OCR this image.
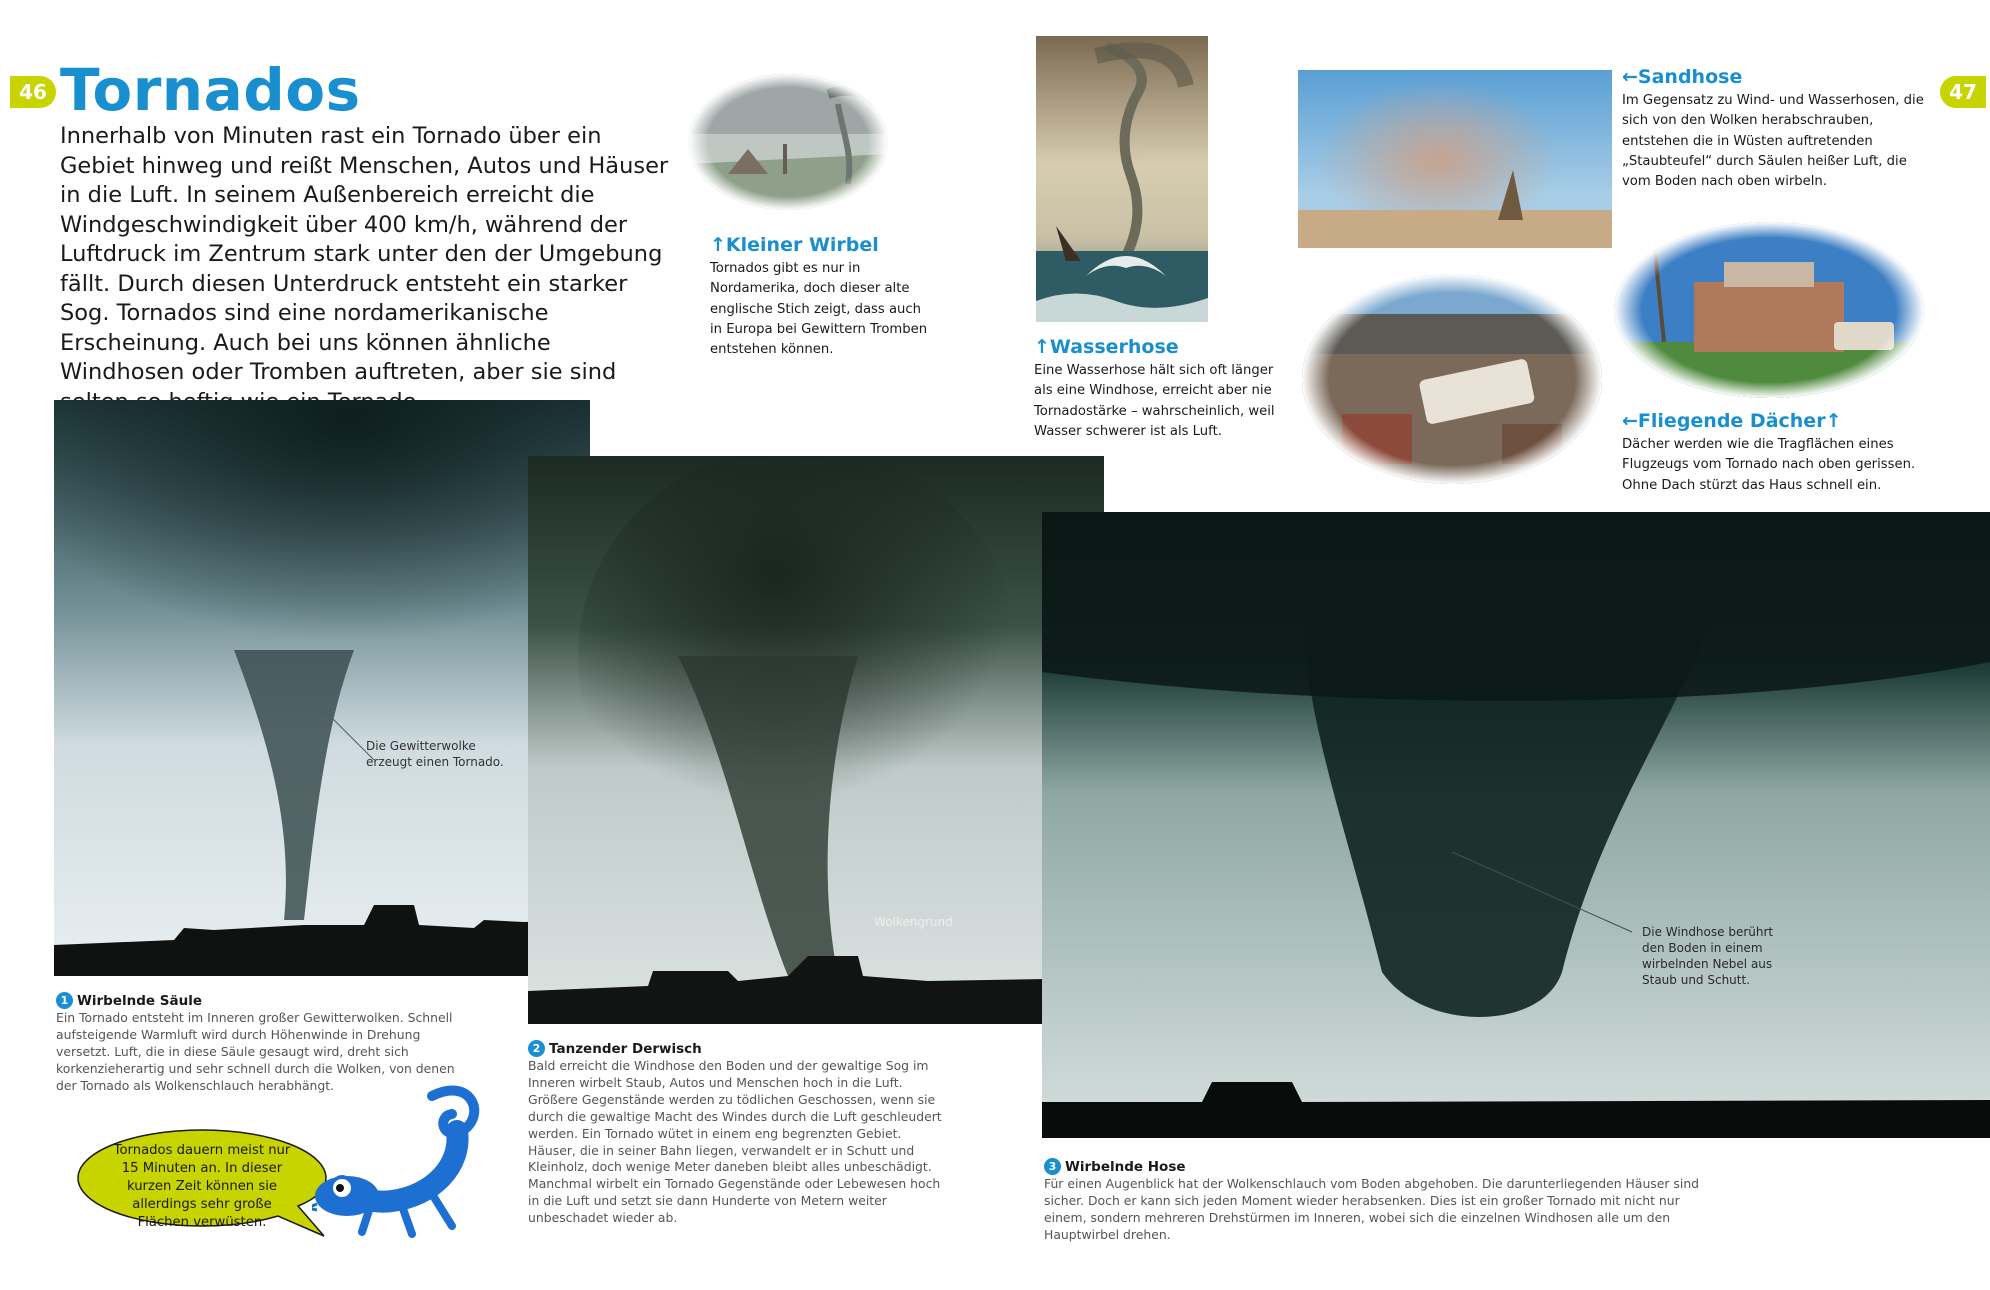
46	47
Tornados

Innerhalb von Minuten rast ein Tornado über ein Gebiet hinweg und reißt Menschen, Autos und Häuser in die Luft. In seinem Außenbereich erreicht die Windgeschwindigkeit über 400 km/h, während der Luftdruck im Zentrum stark unter den der Umgebung fällt. Durch diesen Unterdruck entsteht ein starker Sog. Tornados sind eine nordamerikanische Erscheinung. Auch bei uns können ähnliche Windhosen oder Tromben auftreten, aber sie sind

↑Kleiner Wirbel

Tornados gibt es nur in Nordamerika, doch dieser alte englische Stich zeigt, dass auch in Europa bei Gewittern Tromben entstehen können.	↑Wasserhose

Eine Wasserhose hält sich oft länger als eine Windhose, erreicht aber nie Tornadostärke – wahrscheinlich, weil Wasser schwerer ist als Luft.

←Sandhose

Im Gegensatz zu Wind- und Wasserhosen, die sich von den Wolken herabschrauben, entstehen die in Wüsten auftretenden „Staubteufel“ durch Säulen heißer Luft, die vom Boden nach oben wirbeln.

←Fliegende Dächer↑

Dächer werden wie die Tragflächen eines Flugzeugs vom Tornado nach oben gerissen. Ohne Dach stürzt das Haus schnell ein.

Die Gewitterwolke erzeugt einen Tornado.
Wolkengrund
Die Windhose berührt den Boden in einem wirbelnden Nebel aus Staub und Schutt.

1 Wirbelnde Säule

Ein Tornado entsteht im Inneren großer Gewitterwolken. Schnell aufsteigende Warmluft wird durch Höhenwinde in Drehung versetzt. Luft, die in diese Säule gesaugt wird, dreht sich korkenzieherartig und sehr schnell durch die Wolken, von denen der Tornado als Wolkenschlauch herabhängt.

2 Tanzender Derwisch

Bald erreicht die Windhose den Boden und der gewaltige Sog im Inneren wirbelt Staub, Autos und Menschen hoch in die Luft. Größere Gegenstände werden zu tödlichen Geschossen, wenn sie durch die gewaltige Macht des Windes durch die Luft geschleudert werden. Ein Tornado wütet in einem eng begrenzten Gebiet. Häuser, die in seiner Bahn liegen, verwandelt er in Schutt und Kleinholz, doch wenige Meter daneben bleibt alles unbeschädigt. Manchmal wirbelt ein Tornado Gegenstände oder Lebewesen hoch in die Luft und setzt sie dann Hunderte von Metern weiter unbeschadet wieder ab.

3 Wirbelnde Hose

Für einen Augenblick hat der Wolkenschlauch vom Boden abgehoben. Die darunterliegenden Häuser sind sicher. Doch er kann sich jeden Moment wieder herabsenken. Dies ist ein großer Tornado mit nicht nur einem, sondern mehreren Drehstürmen im Inneren, wobei sich die einzelnen Windhosen alle um den Hauptwirbel drehen.

Tornados dauern meist nur 15 Minuten an. In dieser kurzen Zeit können sie allerdings sehr große Flächen verwüsten.
